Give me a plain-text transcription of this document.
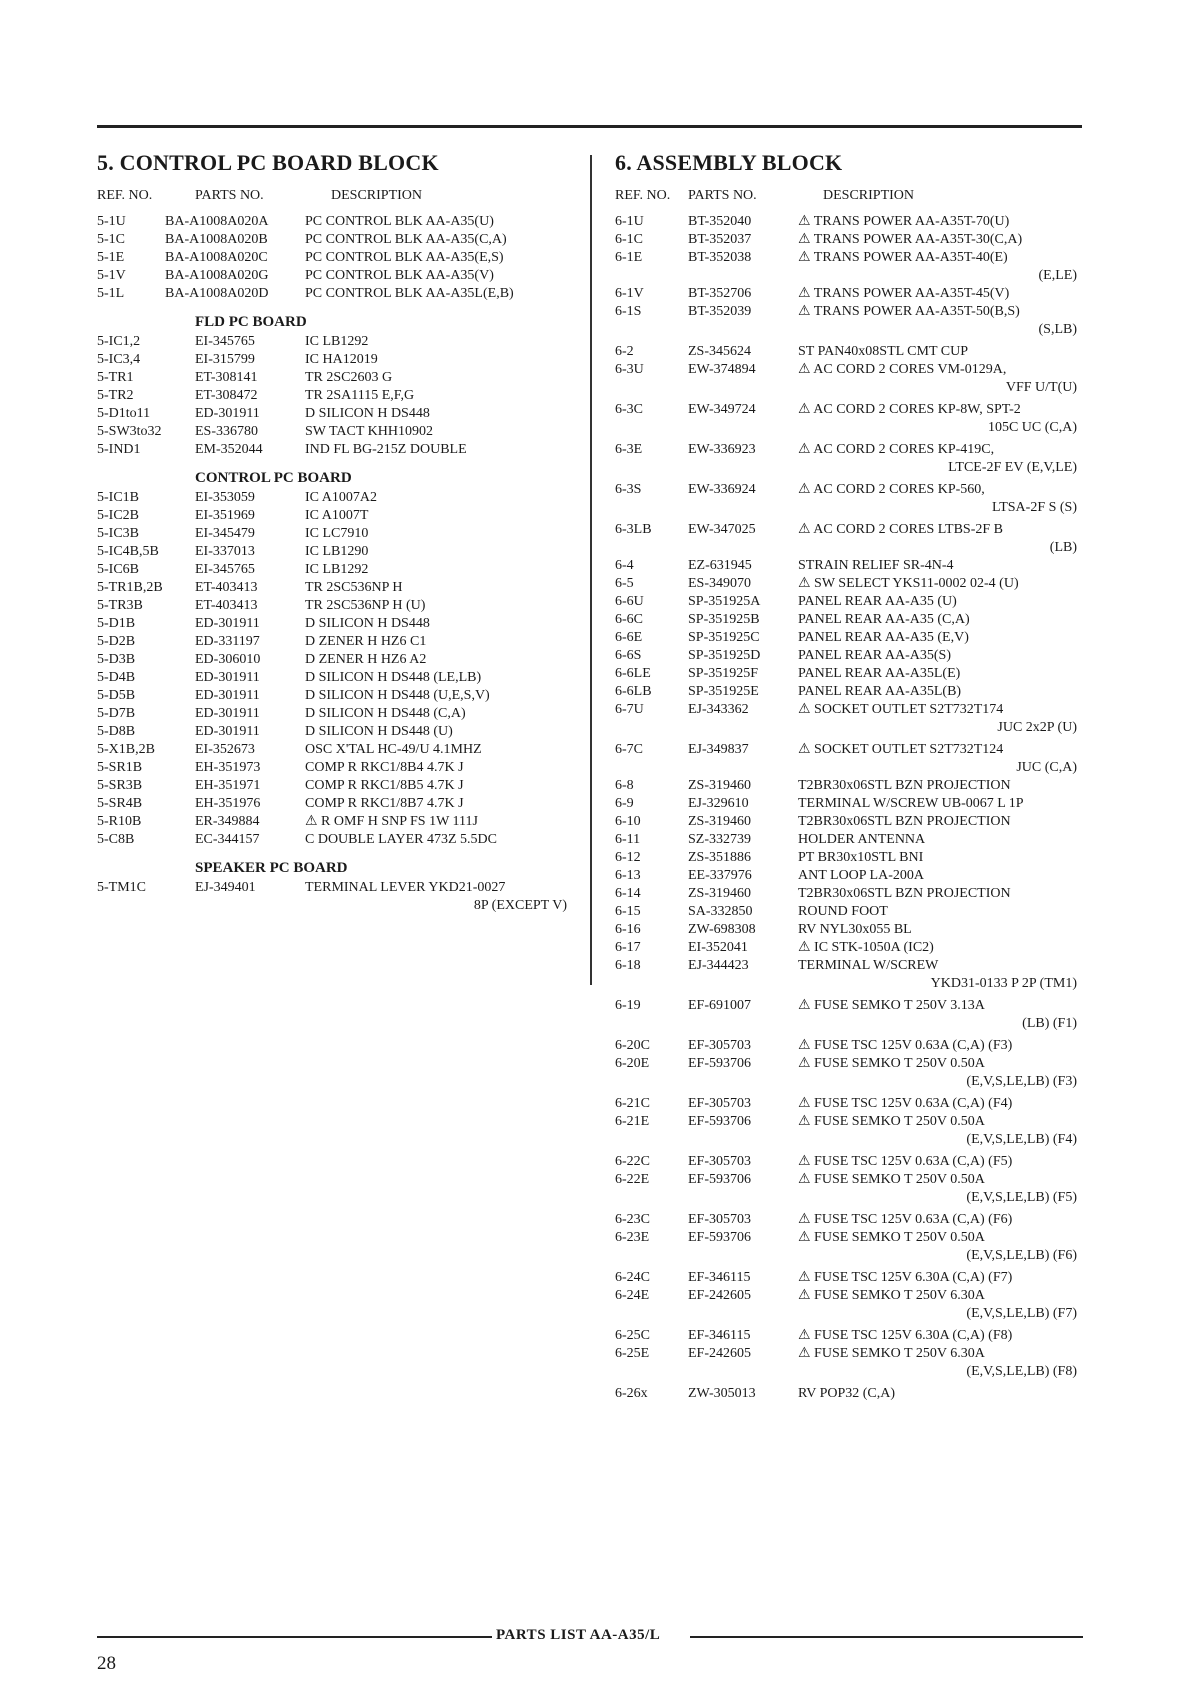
5. CONTROL PC BOARD BLOCK
REF. NO.	PARTS NO.	DESCRIPTION
5-1U	BA-A1008A020A	PC CONTROL BLK AA-A35(U)
5-1C	BA-A1008A020B	PC CONTROL BLK AA-A35(C,A)
5-1E	BA-A1008A020C	PC CONTROL BLK AA-A35(E,S)
5-1V	BA-A1008A020G	PC CONTROL BLK AA-A35(V)
5-1L	BA-A1008A020D	PC CONTROL BLK AA-A35L(E,B)
FLD PC BOARD
5-IC1,2	EI-345765	IC LB1292
5-IC3,4	EI-315799	IC HA12019
5-TR1	ET-308141	TR 2SC2603 G
5-TR2	ET-308472	TR 2SA1115 E,F,G
5-D1to11	ED-301911	D SILICON H DS448
5-SW3to32	ES-336780	SW TACT KHH10902
5-IND1	EM-352044	IND FL BG-215Z DOUBLE
CONTROL PC BOARD
5-IC1B	EI-353059	IC A1007A2
5-IC2B	EI-351969	IC A1007T
5-IC3B	EI-345479	IC LC7910
5-IC4B,5B	EI-337013	IC LB1290
5-IC6B	EI-345765	IC LB1292
5-TR1B,2B	ET-403413	TR 2SC536NP H
5-TR3B	ET-403413	TR 2SC536NP H (U)
5-D1B	ED-301911	D SILICON H DS448
5-D2B	ED-331197	D ZENER H HZ6 C1
5-D3B	ED-306010	D ZENER H HZ6 A2
5-D4B	ED-301911	D SILICON H DS448 (LE,LB)
5-D5B	ED-301911	D SILICON H DS448 (U,E,S,V)
5-D7B	ED-301911	D SILICON H DS448 (C,A)
5-D8B	ED-301911	D SILICON H DS448 (U)
5-X1B,2B	EI-352673	OSC X'TAL HC-49/U 4.1MHZ
5-SR1B	EH-351973	COMP R RKC1/8B4 4.7K J
5-SR3B	EH-351971	COMP R RKC1/8B5 4.7K J
5-SR4B	EH-351976	COMP R RKC1/8B7 4.7K J
5-R10B	ER-349884	⚠ R OMF H SNP FS 1W 111J
5-C8B	EC-344157	C DOUBLE LAYER 473Z 5.5DC
SPEAKER PC BOARD
5-TM1C	EJ-349401	TERMINAL LEVER YKD21-0027
8P (EXCEPT V)
6. ASSEMBLY BLOCK
REF. NO.	PARTS NO.	DESCRIPTION
6-1U	BT-352040	⚠ TRANS POWER AA-A35T-70(U)
6-1C	BT-352037	⚠ TRANS POWER AA-A35T-30(C,A)
6-1E	BT-352038	⚠ TRANS POWER AA-A35T-40(E)
(E,LE)
6-1V	BT-352706	⚠ TRANS POWER AA-A35T-45(V)
6-1S	BT-352039	⚠ TRANS POWER AA-A35T-50(B,S)
(S,LB)
6-2	ZS-345624	ST PAN40x08STL CMT CUP
6-3U	EW-374894	⚠ AC CORD 2 CORES VM-0129A,
VFF U/T(U)
6-3C	EW-349724	⚠ AC CORD 2 CORES KP-8W, SPT-2
105C UC (C,A)
6-3E	EW-336923	⚠ AC CORD 2 CORES KP-419C,
LTCE-2F EV (E,V,LE)
6-3S	EW-336924	⚠ AC CORD 2 CORES KP-560,
LTSA-2F S (S)
6-3LB	EW-347025	⚠ AC CORD 2 CORES LTBS-2F B
(LB)
6-4	EZ-631945	STRAIN RELIEF SR-4N-4
6-5	ES-349070	⚠ SW SELECT YKS11-0002 02-4 (U)
6-6U	SP-351925A	PANEL REAR AA-A35 (U)
6-6C	SP-351925B	PANEL REAR AA-A35 (C,A)
6-6E	SP-351925C	PANEL REAR AA-A35 (E,V)
6-6S	SP-351925D	PANEL REAR AA-A35(S)
6-6LE	SP-351925F	PANEL REAR AA-A35L(E)
6-6LB	SP-351925E	PANEL REAR AA-A35L(B)
6-7U	EJ-343362	⚠ SOCKET OUTLET S2T732T174
JUC 2x2P (U)
6-7C	EJ-349837	⚠ SOCKET OUTLET S2T732T124
JUC (C,A)
6-8	ZS-319460	T2BR30x06STL BZN PROJECTION
6-9	EJ-329610	TERMINAL W/SCREW UB-0067 L 1P
6-10	ZS-319460	T2BR30x06STL BZN PROJECTION
6-11	SZ-332739	HOLDER ANTENNA
6-12	ZS-351886	PT BR30x10STL BNI
6-13	EE-337976	ANT LOOP LA-200A
6-14	ZS-319460	T2BR30x06STL BZN PROJECTION
6-15	SA-332850	ROUND FOOT
6-16	ZW-698308	RV NYL30x055 BL
6-17	EI-352041	⚠ IC STK-1050A (IC2)
6-18	EJ-344423	TERMINAL W/SCREW
YKD31-0133 P 2P (TM1)
6-19	EF-691007	⚠ FUSE SEMKO T 250V 3.13A
(LB) (F1)
6-20C	EF-305703	⚠ FUSE TSC 125V 0.63A (C,A) (F3)
6-20E	EF-593706	⚠ FUSE SEMKO T 250V 0.50A
(E,V,S,LE,LB) (F3)
6-21C	EF-305703	⚠ FUSE TSC 125V 0.63A (C,A) (F4)
6-21E	EF-593706	⚠ FUSE SEMKO T 250V 0.50A
(E,V,S,LE,LB) (F4)
6-22C	EF-305703	⚠ FUSE TSC 125V 0.63A (C,A) (F5)
6-22E	EF-593706	⚠ FUSE SEMKO T 250V 0.50A
(E,V,S,LE,LB) (F5)
6-23C	EF-305703	⚠ FUSE TSC 125V 0.63A (C,A) (F6)
6-23E	EF-593706	⚠ FUSE SEMKO T 250V 0.50A
(E,V,S,LE,LB) (F6)
6-24C	EF-346115	⚠ FUSE TSC 125V 6.30A (C,A) (F7)
6-24E	EF-242605	⚠ FUSE SEMKO T 250V 6.30A
(E,V,S,LE,LB) (F7)
6-25C	EF-346115	⚠ FUSE TSC 125V 6.30A (C,A) (F8)
6-25E	EF-242605	⚠ FUSE SEMKO T 250V 6.30A
(E,V,S,LE,LB) (F8)
6-26x	ZW-305013	RV POP32 (C,A)
PARTS LIST AA-A35/L
28
